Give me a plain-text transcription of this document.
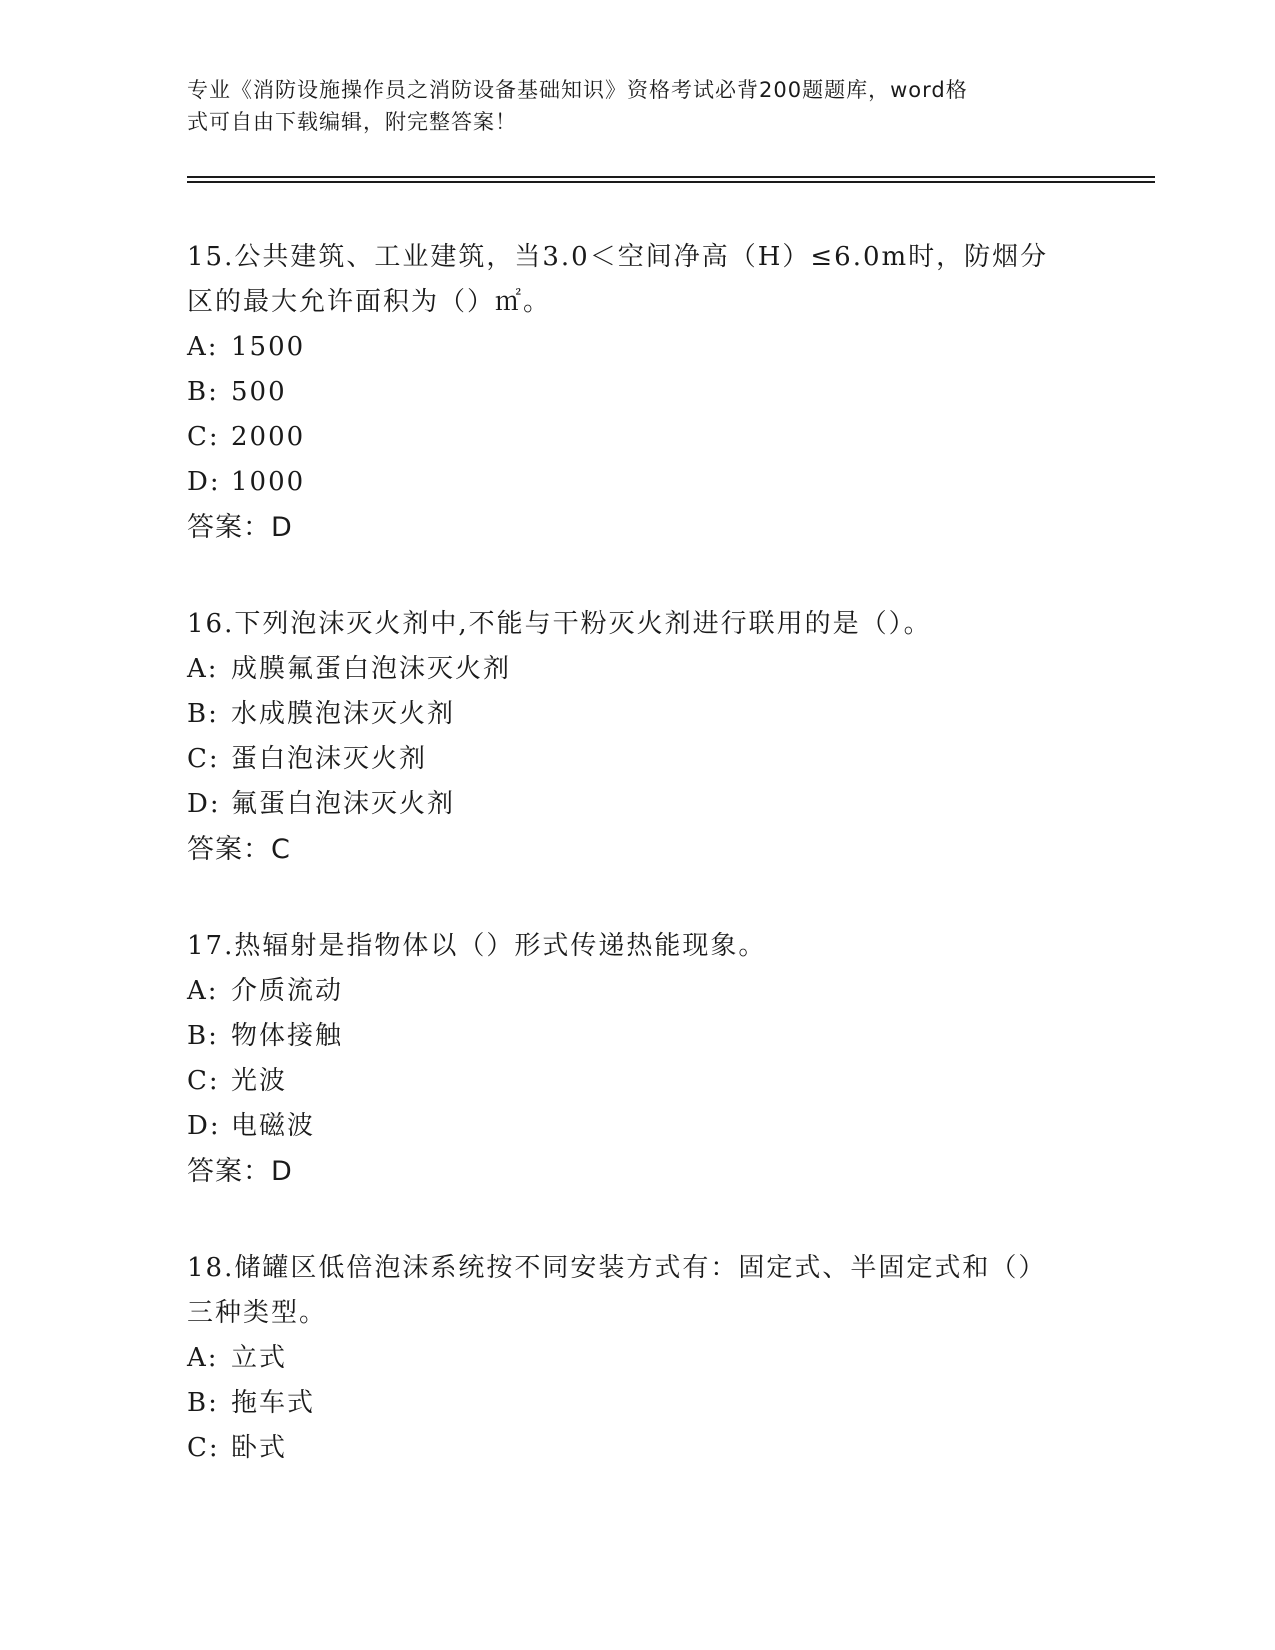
专业《消防设施操作员之消防设备基础知识》资格考试必背200题题库，word格
式可自由下载编辑，附完整答案！

15.公共建筑、工业建筑，当3.0＜空间净高（H）≤6.0m时，防烟分

区的最大允许面积为（）㎡。

A: 1500

B: 500

C: 2000

D: 1000

答案：D

16.下列泡沫灭火剂中,不能与干粉灭火剂进行联用的是（）。

A: 成膜氟蛋白泡沫灭火剂

B: 水成膜泡沫灭火剂

C: 蛋白泡沫灭火剂

D: 氟蛋白泡沫灭火剂

答案：C

17.热辐射是指物体以（）形式传递热能现象。

A: 介质流动

B: 物体接触

C: 光波

D: 电磁波

答案：D

18.储罐区低倍泡沫系统按不同安装方式有：固定式、半固定式和（）

三种类型。

A: 立式

B: 拖车式

C: 卧式
